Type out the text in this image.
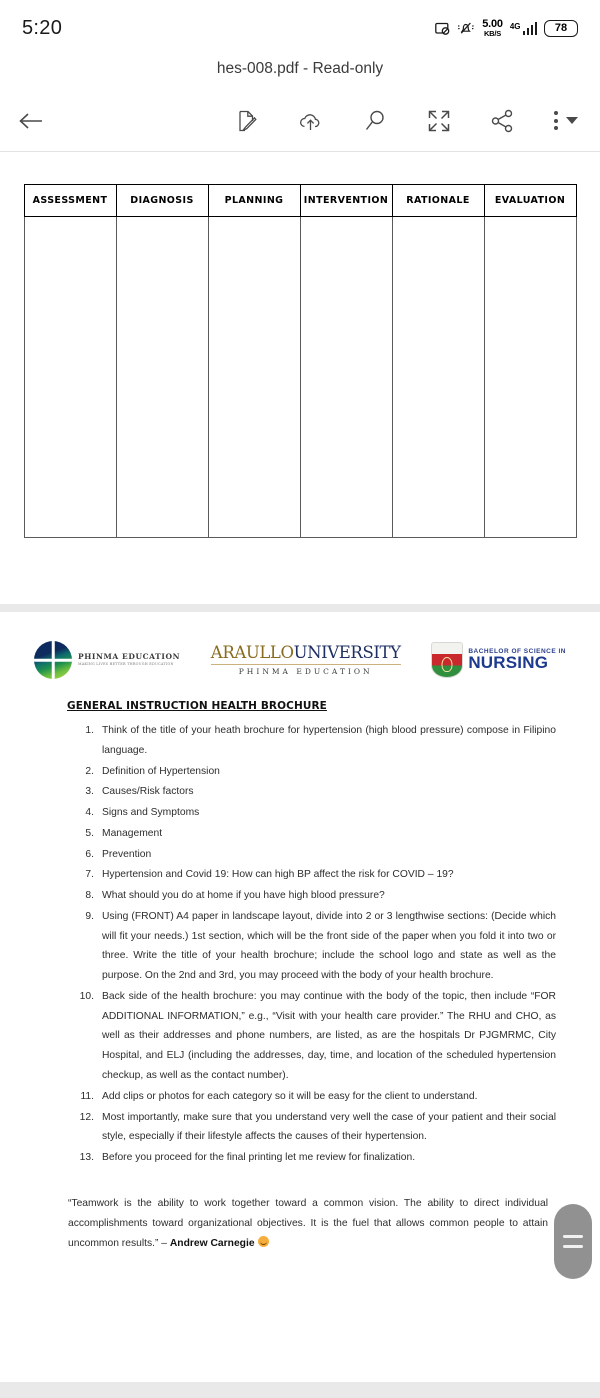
5:20	5.00
KB/S
4G	78
hes-008.pdf - Read-only
ASSESSMENT	DIAGNOSIS	PLANNING	INTERVENTION	RATIONALE	EVALUATION

PHINMA EDUCATION
MAKING LIVES BETTER THROUGH EDUCATION
ARAULLOUNIVERSITY
PHINMA EDUCATION
BACHELOR OF SCIENCE IN
NURSING
GENERAL INSTRUCTION HEALTH BROCHURE
1. Think of the title of your heath brochure for hypertension (high blood pressure) compose in Filipino language.
2. Definition of Hypertension
3. Causes/Risk factors
4. Signs and Symptoms
5. Management
6. Prevention
7. Hypertension and Covid 19: How can high BP affect the risk for COVID – 19?
8. What should you do at home if you have high blood pressure?
9. Using (FRONT) A4 paper in landscape layout, divide into 2 or 3 lengthwise sections: (Decide which will fit your needs.) 1st section, which will be the front side of the paper when you fold it into two or three. Write the title of your health brochure; include the school logo and state as well as the purpose. On the 2nd and 3rd, you may proceed with the body of your health brochure.
10. Back side of the health brochure: you may continue with the body of the topic, then include “FOR ADDITIONAL INFORMATION,” e.g., “Visit with your health care provider.” The RHU and CHO, as well as their addresses and phone numbers, are listed, as are the hospitals Dr PJGMRMC, City Hospital, and ELJ (including the addresses, day, time, and location of the scheduled hypertension checkup, as well as the contact number).
11. Add clips or photos for each category so it will be easy for the client to understand.
12. Most importantly, make sure that you understand very well the case of your patient and their social style, especially if their lifestyle affects the causes of their hypertension.
13. Before you proceed for the final printing let me review for finalization.

“Teamwork is the ability to work together toward a common vision. The ability to direct individual accomplishments toward organizational objectives. It is the fuel that allows common people to attain uncommon results.” – Andrew Carnegie
